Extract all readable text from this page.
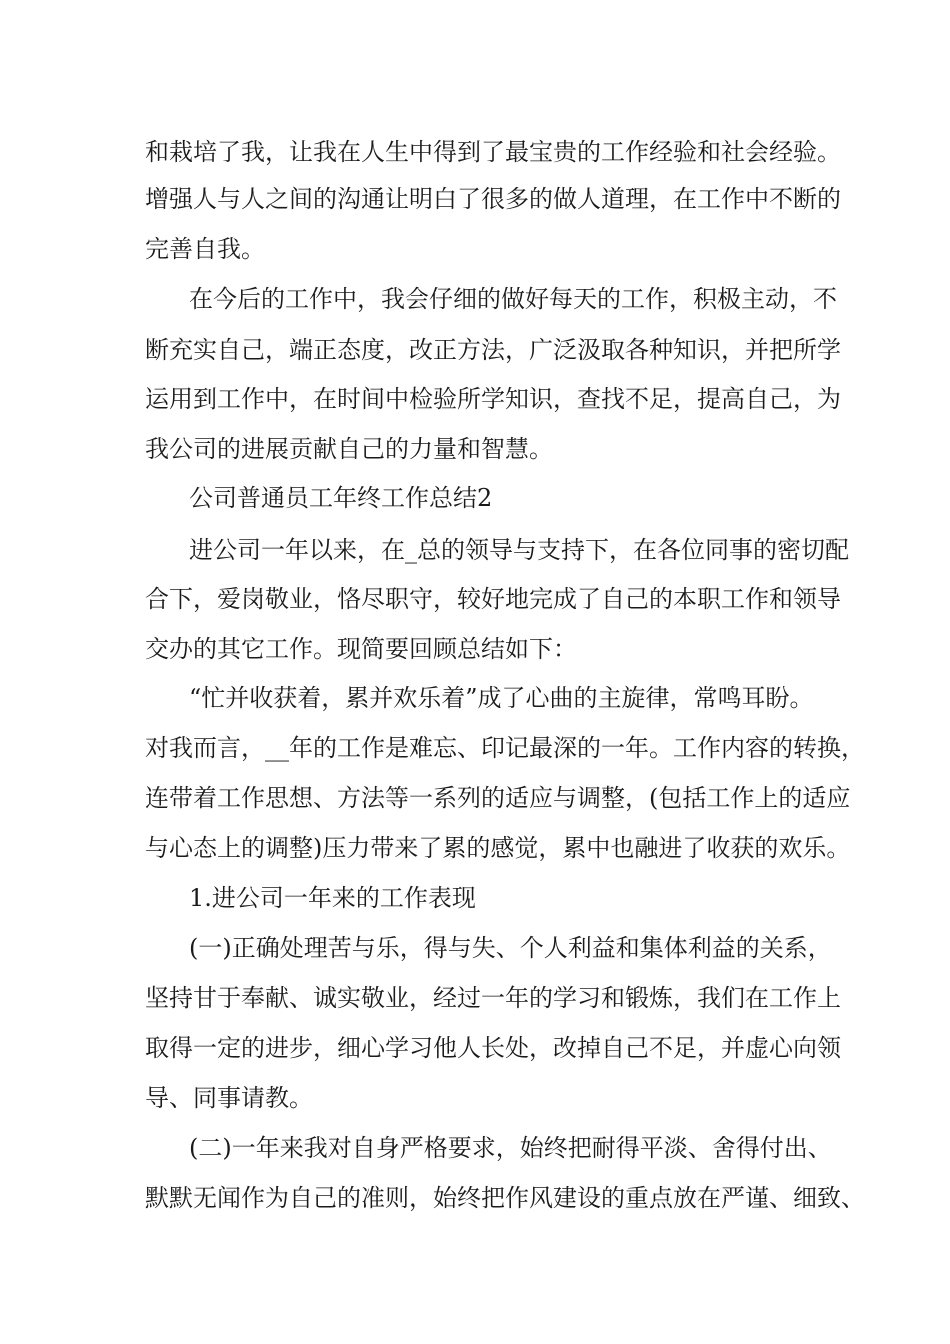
和栽培了我，让我在人生中得到了最宝贵的工作经验和社会经验。
增强人与人之间的沟通让明白了很多的做人道理，在工作中不断的
完善自我。
在今后的工作中，我会仔细的做好每天的工作，积极主动，不
断充实自己，端正态度，改正方法，广泛汲取各种知识，并把所学
运用到工作中，在时间中检验所学知识，查找不足，提高自己，为
我公司的进展贡献自己的力量和智慧。
公司普通员工年终工作总结2
进公司一年以来，在_总的领导与支持下，在各位同事的密切配
合下，爱岗敬业，恪尽职守，较好地完成了自己的本职工作和领导
交办的其它工作。现简要回顾总结如下：
“忙并收获着，累并欢乐着”成了心曲的主旋律，常鸣耳盼。
对我而言，__年的工作是难忘、印记最深的一年。工作内容的转换，
连带着工作思想、方法等一系列的适应与调整，(包括工作上的适应
与心态上的调整)压力带来了累的感觉，累中也融进了收获的欢乐。
1.进公司一年来的工作表现
(一)正确处理苦与乐，得与失、个人利益和集体利益的关系，
坚持甘于奉献、诚实敬业，经过一年的学习和锻炼，我们在工作上
取得一定的进步，细心学习他人长处，改掉自己不足，并虚心向领
导、同事请教。
(二)一年来我对自身严格要求，始终把耐得平淡、舍得付出、
默默无闻作为自己的准则，始终把作风建设的重点放在严谨、细致、
